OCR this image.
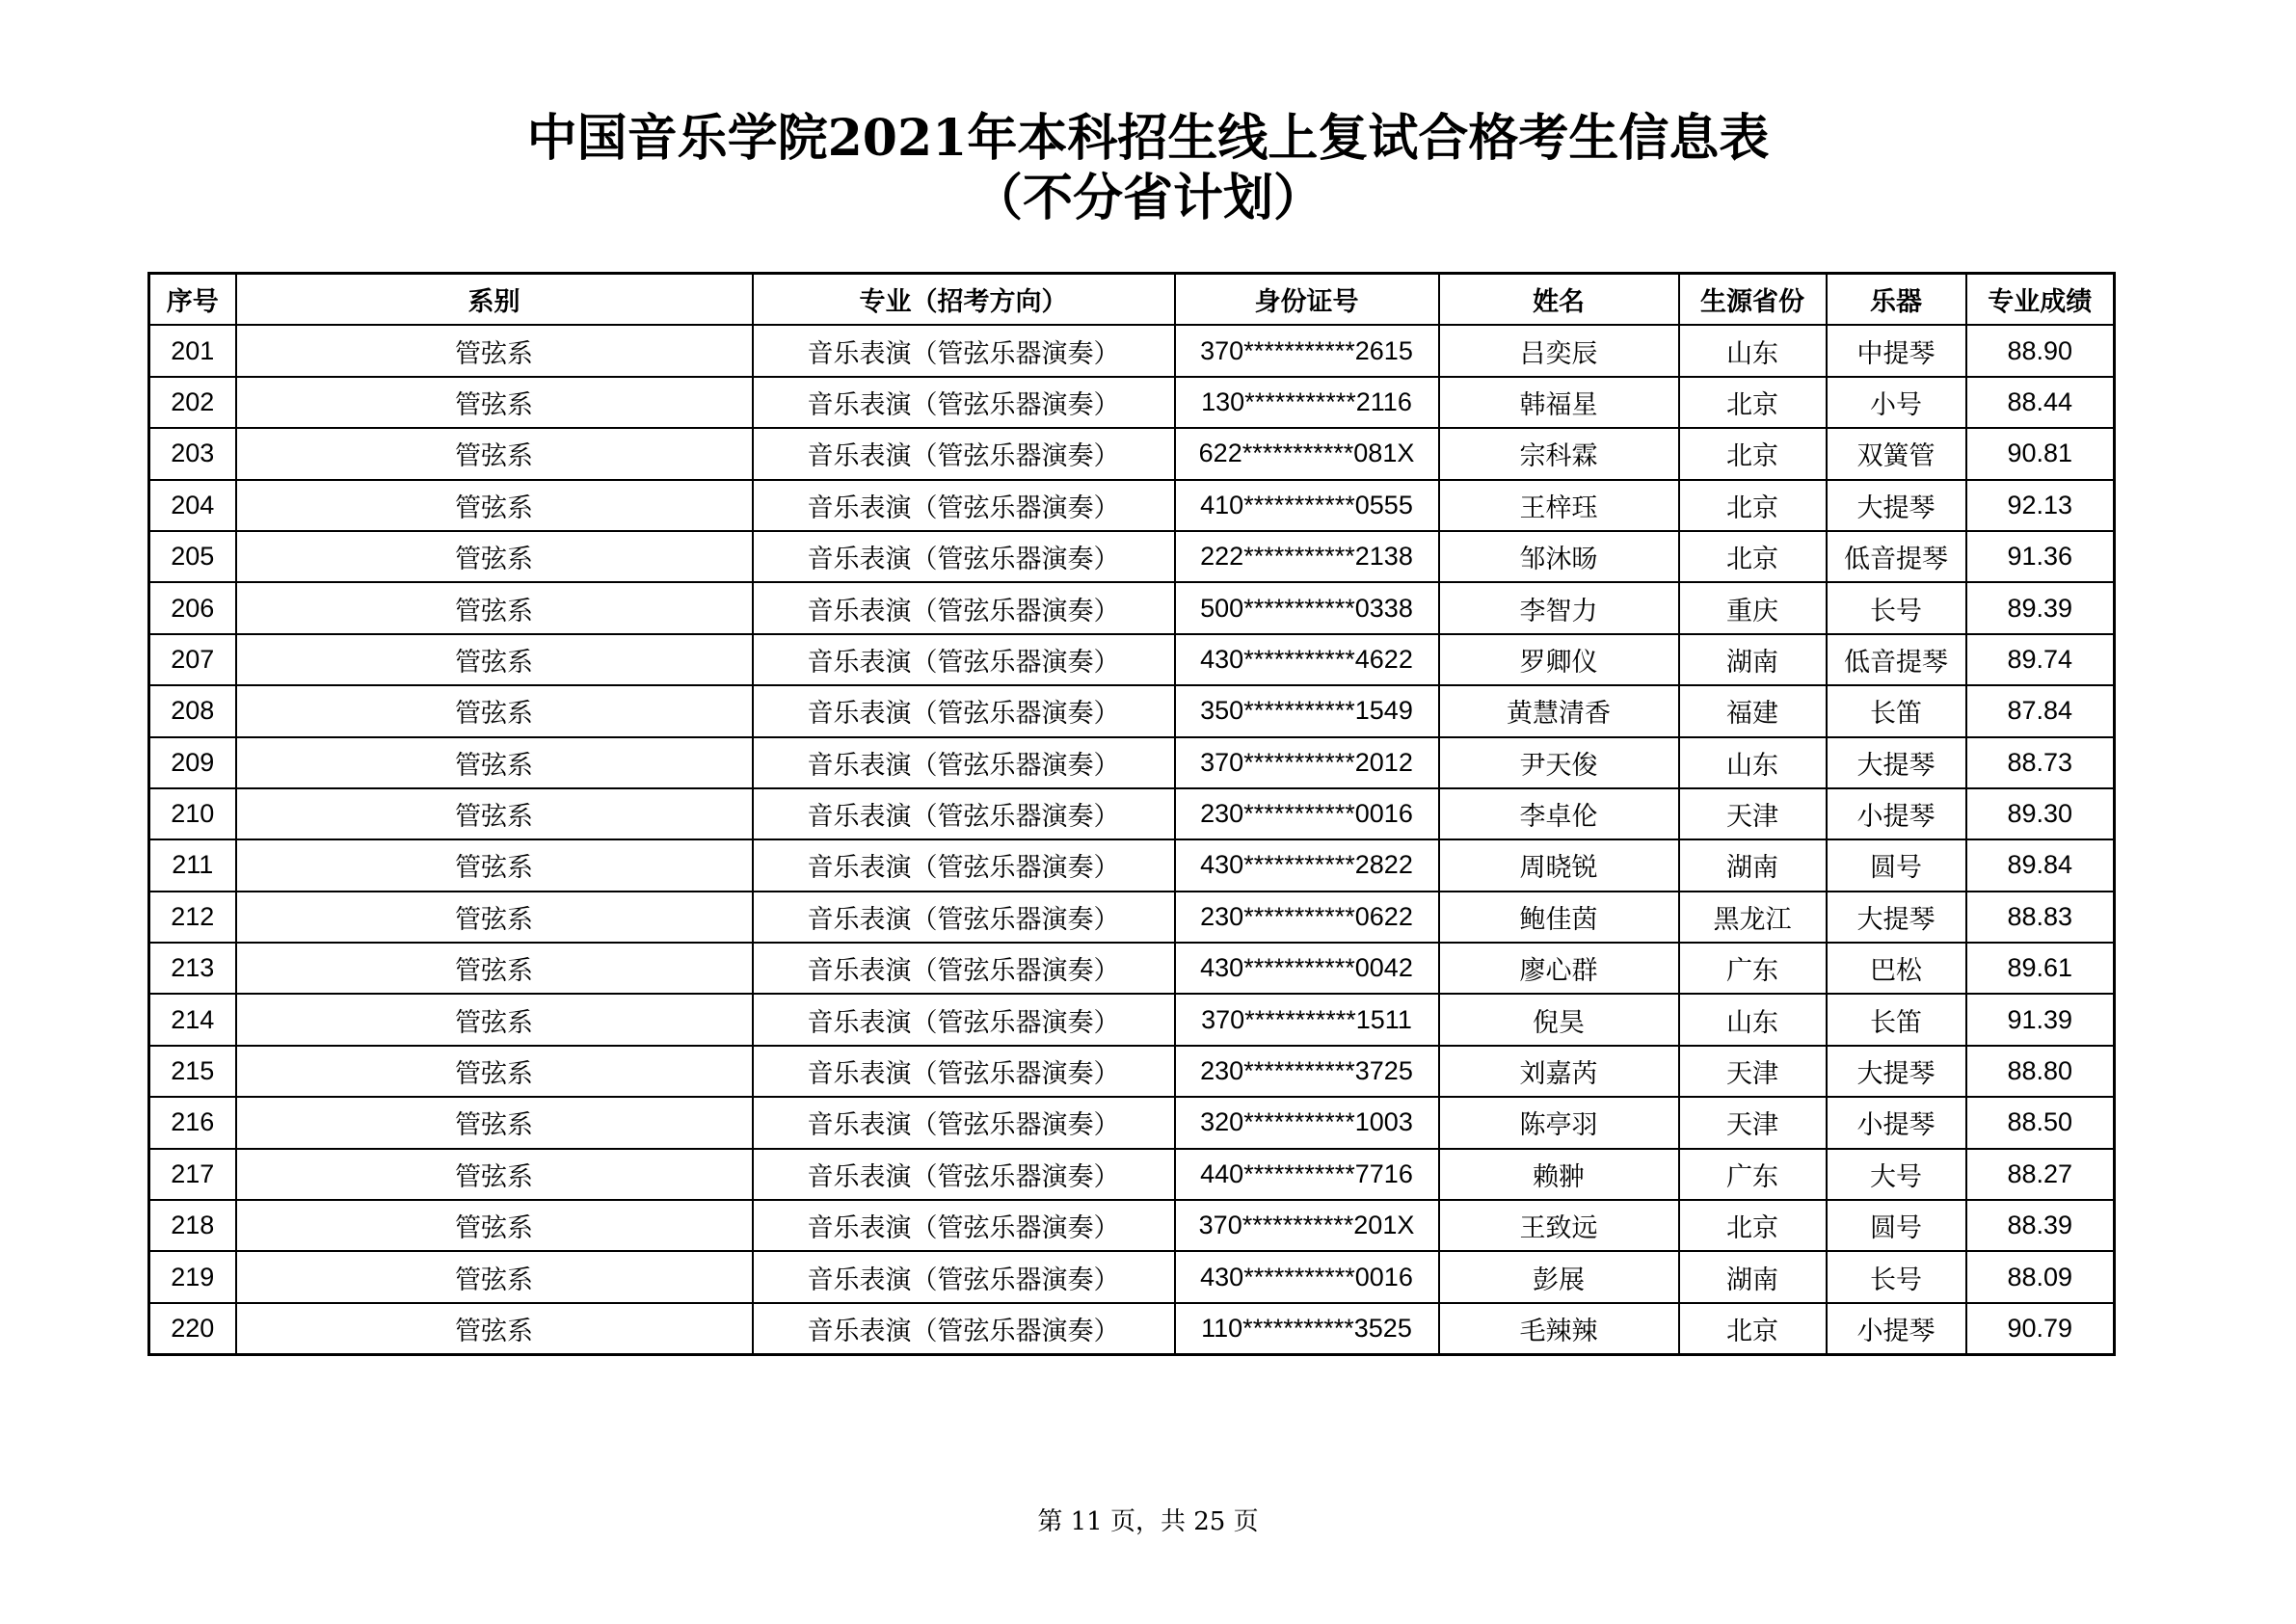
中国音乐学院2021年本科招生线上复试合格考生信息表
（不分省计划）
序号	系别	专业（招考方向）	身份证号	姓名	生源省份	乐器	专业成绩
201	管弦系	音乐表演（管弦乐器演奏）	370***********2615	吕奕辰	山东	中提琴	88.90
202	管弦系	音乐表演（管弦乐器演奏）	130***********2116	韩福星	北京	小号	88.44
203	管弦系	音乐表演（管弦乐器演奏）	622***********081X	宗科霖	北京	双簧管	90.81
204	管弦系	音乐表演（管弦乐器演奏）	410***********0555	王梓珏	北京	大提琴	92.13
205	管弦系	音乐表演（管弦乐器演奏）	222***********2138	邹沐旸	北京	低音提琴	91.36
206	管弦系	音乐表演（管弦乐器演奏）	500***********0338	李智力	重庆	长号	89.39
207	管弦系	音乐表演（管弦乐器演奏）	430***********4622	罗卿仪	湖南	低音提琴	89.74
208	管弦系	音乐表演（管弦乐器演奏）	350***********1549	黄慧清香	福建	长笛	87.84
209	管弦系	音乐表演（管弦乐器演奏）	370***********2012	尹天俊	山东	大提琴	88.73
210	管弦系	音乐表演（管弦乐器演奏）	230***********0016	李卓伦	天津	小提琴	89.30
211	管弦系	音乐表演（管弦乐器演奏）	430***********2822	周晓锐	湖南	圆号	89.84
212	管弦系	音乐表演（管弦乐器演奏）	230***********0622	鲍佳茵	黑龙江	大提琴	88.83
213	管弦系	音乐表演（管弦乐器演奏）	430***********0042	廖心群	广东	巴松	89.61
214	管弦系	音乐表演（管弦乐器演奏）	370***********1511	倪昊	山东	长笛	91.39
215	管弦系	音乐表演（管弦乐器演奏）	230***********3725	刘嘉芮	天津	大提琴	88.80
216	管弦系	音乐表演（管弦乐器演奏）	320***********1003	陈亭羽	天津	小提琴	88.50
217	管弦系	音乐表演（管弦乐器演奏）	440***********7716	赖翀	广东	大号	88.27
218	管弦系	音乐表演（管弦乐器演奏）	370***********201X	王致远	北京	圆号	88.39
219	管弦系	音乐表演（管弦乐器演奏）	430***********0016	彭展	湖南	长号	88.09
220	管弦系	音乐表演（管弦乐器演奏）	110***********3525	毛辣辣	北京	小提琴	90.79
第 11 页，共 25 页
